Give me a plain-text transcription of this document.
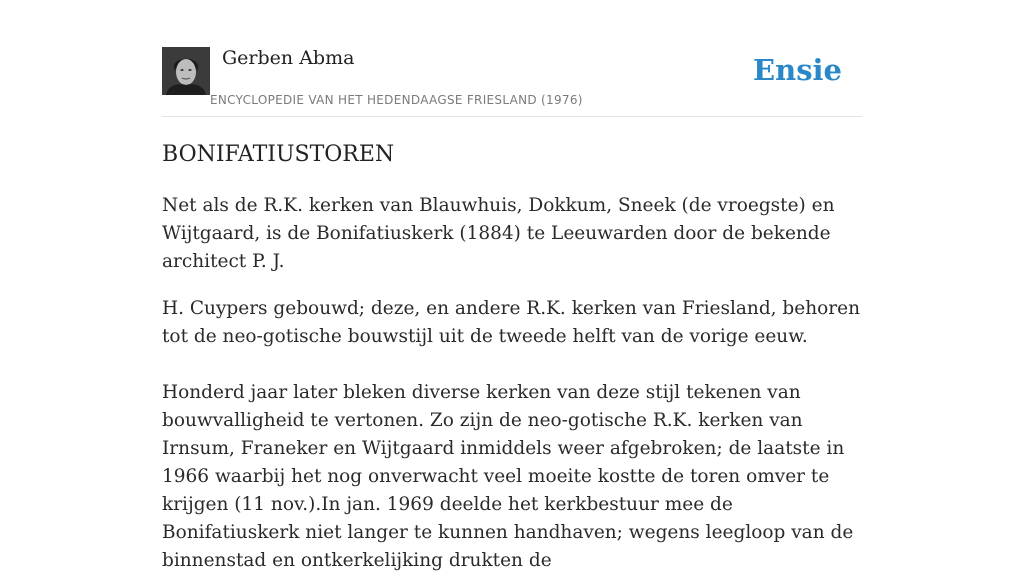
Gerben Abma
ENCYCLOPEDIE VAN HET HEDENDAAGSE FRIESLAND (1976)
Ensie
BONIFATIUSTOREN

Net als de R.K. kerken van Blauwhuis, Dokkum, Sneek (de vroegste) en Wijtgaard, is de Bonifatiuskerk (1884) te Leeuwarden door de bekende architect P. J.

H. Cuypers gebouwd; deze, en andere R.K. kerken van Friesland, behoren tot de neo-gotische bouwstijl uit de tweede helft van de vorige eeuw.

Honderd jaar later bleken diverse kerken van deze stijl tekenen van bouwvalligheid te vertonen. Zo zijn de neo-gotische R.K. kerken van Irnsum, Franeker en Wijtgaard inmiddels weer afgebroken; de laatste in 1966 waarbij het nog onverwacht veel moeite kostte de toren omver te krijgen (11 nov.).In jan. 1969 deelde het kerkbestuur mee de Bonifatiuskerk niet langer te kunnen handhaven; wegens leegloop van de binnenstad en ontkerkelijking drukten de
